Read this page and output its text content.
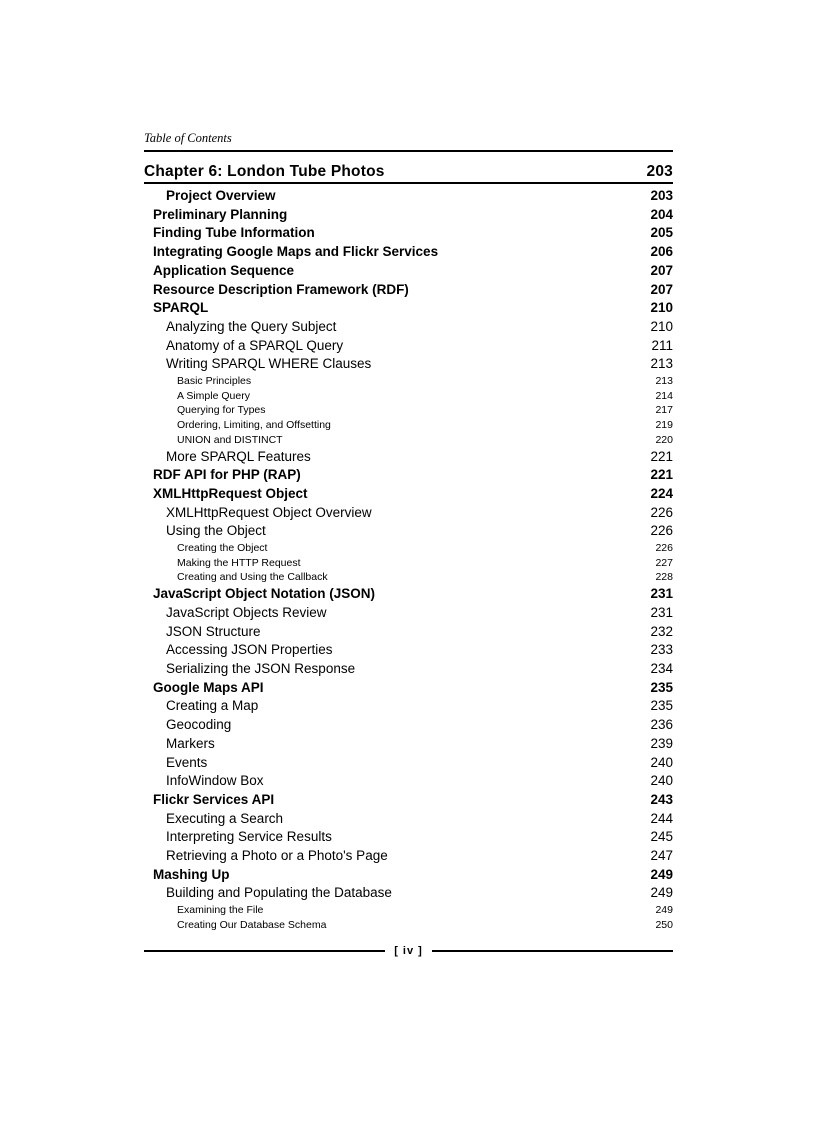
Table of Contents
Chapter 6: London Tube Photos	203
Project Overview	203
Preliminary Planning	204
Finding Tube Information	205
Integrating Google Maps and Flickr Services	206
Application Sequence	207
Resource Description Framework (RDF)	207
SPARQL	210
Analyzing the Query Subject	210
Anatomy of a SPARQL Query	211
Writing SPARQL WHERE Clauses	213
Basic Principles	213
A Simple Query	214
Querying for Types	217
Ordering, Limiting, and Offsetting	219
UNION and DISTINCT	220
More SPARQL Features	221
RDF API for PHP (RAP)	221
XMLHttpRequest Object	224
XMLHttpRequest Object Overview	226
Using the Object	226
Creating the Object	226
Making the HTTP Request	227
Creating and Using the Callback	228
JavaScript Object Notation (JSON)	231
JavaScript Objects Review	231
JSON Structure	232
Accessing JSON Properties	233
Serializing the JSON Response	234
Google Maps API	235
Creating a Map	235
Geocoding	236
Markers	239
Events	240
InfoWindow Box	240
Flickr Services API	243
Executing a Search	244
Interpreting Service Results	245
Retrieving a Photo or a Photo's Page	247
Mashing Up	249
Building and Populating the Database	249
Examining the File	249
Creating Our Database Schema	250
[ iv ]
